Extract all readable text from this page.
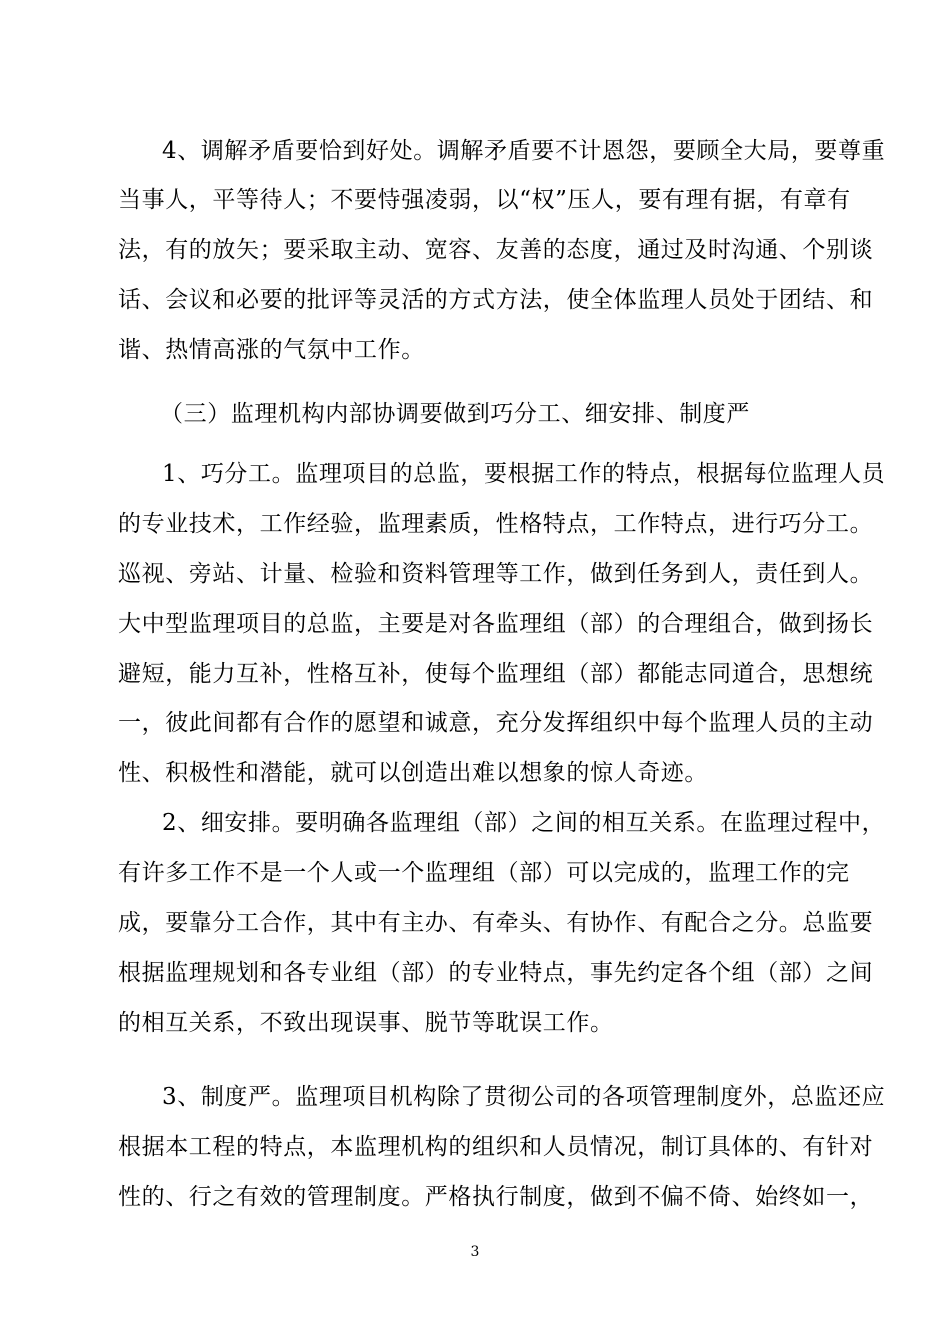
4、调解矛盾要恰到好处。调解矛盾要不计恩怨，要顾全大局，要尊重
当事人，平等待人；不要恃强凌弱，以“权”压人，要有理有据，有章有
法，有的放矢；要采取主动、宽容、友善的态度，通过及时沟通、个别谈
话、会议和必要的批评等灵活的方式方法，使全体监理人员处于团结、和
谐、热情高涨的气氛中工作。
（三）监理机构内部协调要做到巧分工、细安排、制度严
1、巧分工。监理项目的总监，要根据工作的特点，根据每位监理人员
的专业技术，工作经验，监理素质，性格特点，工作特点，进行巧分工。
巡视、旁站、计量、检验和资料管理等工作，做到任务到人，责任到人。
大中型监理项目的总监，主要是对各监理组（部）的合理组合，做到扬长
避短，能力互补，性格互补，使每个监理组（部）都能志同道合，思想统
一，彼此间都有合作的愿望和诚意，充分发挥组织中每个监理人员的主动
性、积极性和潜能，就可以创造出难以想象的惊人奇迹。
2、细安排。要明确各监理组（部）之间的相互关系。在监理过程中，
有许多工作不是一个人或一个监理组（部）可以完成的，监理工作的完
成，要靠分工合作，其中有主办、有牵头、有协作、有配合之分。总监要
根据监理规划和各专业组（部）的专业特点，事先约定各个组（部）之间
的相互关系，不致出现误事、脱节等耽误工作。
3、制度严。监理项目机构除了贯彻公司的各项管理制度外，总监还应
根据本工程的特点，本监理机构的组织和人员情况，制订具体的、有针对
性的、行之有效的管理制度。严格执行制度，做到不偏不倚、始终如一，
3
